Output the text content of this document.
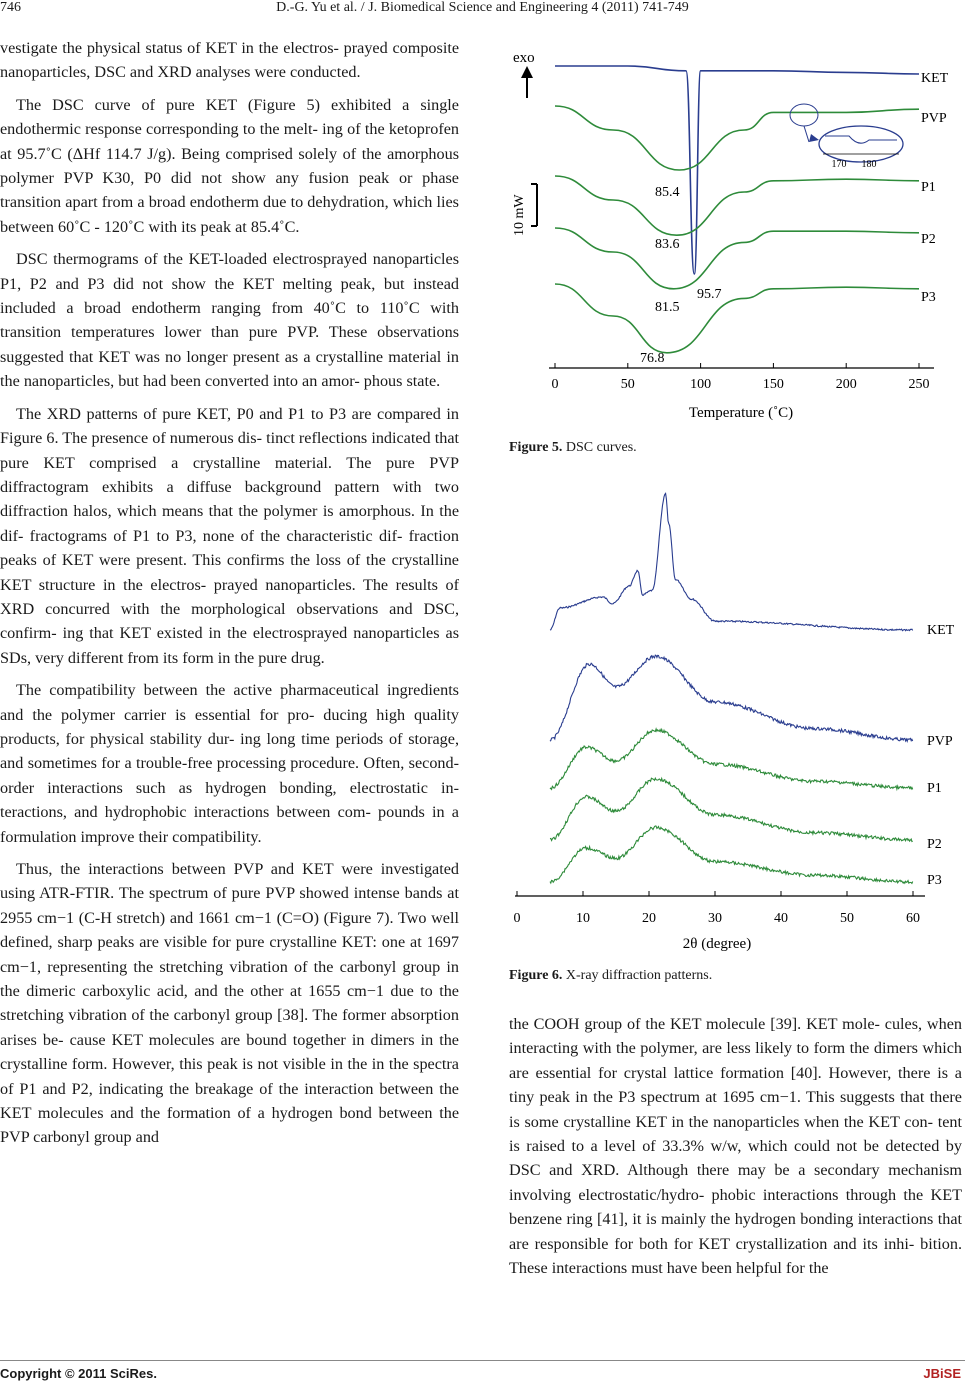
746	D.-G. Yu et al. / J. Biomedical Science and Engineering 4 (2011) 741-749

vestigate the physical status of KET in the electros- prayed composite nanoparticles, DSC and XRD analyses were conducted.

The DSC curve of pure KET (Figure 5) exhibited a single endothermic response corresponding to the melt- ing of the ketoprofen at 95.7˚C (ΔHf 114.7 J/g). Being comprised solely of the amorphous polymer PVP K30, P0 did not show any fusion peak or phase transition apart from a broad endotherm due to dehydration, which lies between 60˚C - 120˚C with its peak at 85.4˚C.

DSC thermograms of the KET-loaded electrosprayed nanoparticles P1, P2 and P3 did not show the KET melting peak, but instead included a broad endotherm ranging from 40˚C to 110˚C with transition temperatures lower than pure PVP. These observations suggested that KET was no longer present as a crystalline material in the nanoparticles, but had been converted into an amor- phous state.

The XRD patterns of pure KET, P0 and P1 to P3 are compared in Figure 6. The presence of numerous dis- tinct reflections indicated that pure KET comprised a crystalline material. The pure PVP diffractogram exhibits a diffuse background pattern with two diffraction halos, which means that the polymer is amorphous. In the dif- fractograms of P1 to P3, none of the characteristic dif- fraction peaks of KET were present. This confirms the loss of the crystalline KET structure in the electros- prayed nanoparticles. The results of XRD concurred with the morphological observations and DSC, confirm- ing that KET existed in the electrosprayed nanoparticles as SDs, very different from its form in the pure drug.

The compatibility between the active pharmaceutical ingredients and the polymer carrier is essential for pro- ducing high quality products, for physical stability dur- ing long time periods of storage, and sometimes for a trouble-free processing procedure. Often, second-order interactions such as hydrogen bonding, electrostatic in- teractions, and hydrophobic interactions between com- pounds in a formulation improve their compatibility.

Thus, the interactions between PVP and KET were investigated using ATR-FTIR. The spectrum of pure PVP showed intense bands at 2955 cm−1 (C-H stretch) and 1661 cm−1 (C=O) (Figure 7). Two well defined, sharp peaks are visible for pure crystalline KET: one at 1697 cm−1, representing the stretching vibration of the carbonyl group in the dimeric carboxylic acid, and the other at 1655 cm−1 due to the stretching vibration of the carbonyl group [38]. The former absorption arises be- cause KET molecules are bound together in dimers in the crystalline form. However, this peak is not visible in the in the spectra of P1 and P2, indicating the breakage of the interaction between the KET molecules and the formation of a hydrogen bond between the PVP carbonyl group and

exo
10 mW
0	50	100	150	200	250
Temperature (˚C)
170 180
KET
PVP
P1
P2
P3
85.4
83.6
81.5
95.7
76.8
Figure 5. DSC curves.
0	10	20	30	40	50	60
2θ (degree)
KET
PVP
P1
P2
P3
Figure 6. X-ray diffraction patterns.

the COOH group of the KET molecule [39]. KET mole- cules, when interacting with the polymer, are less likely to form the dimers which are essential for crystal lattice formation [40]. However, there is a tiny peak in the P3 spectrum at 1695 cm−1. This suggests that there is some crystalline KET in the nanoparticles when the KET con- tent is raised to a level of 33.3% w/w, which could not be detected by DSC and XRD. Although there may be a secondary mechanism involving electrostatic/hydro- phobic interactions through the KET benzene ring [41], it is mainly the hydrogen bonding interactions that are responsible for both for KET crystallization and its inhi- bition. These interactions must have been helpful for the

Copyright © 2011 SciRes.	JBiSE
